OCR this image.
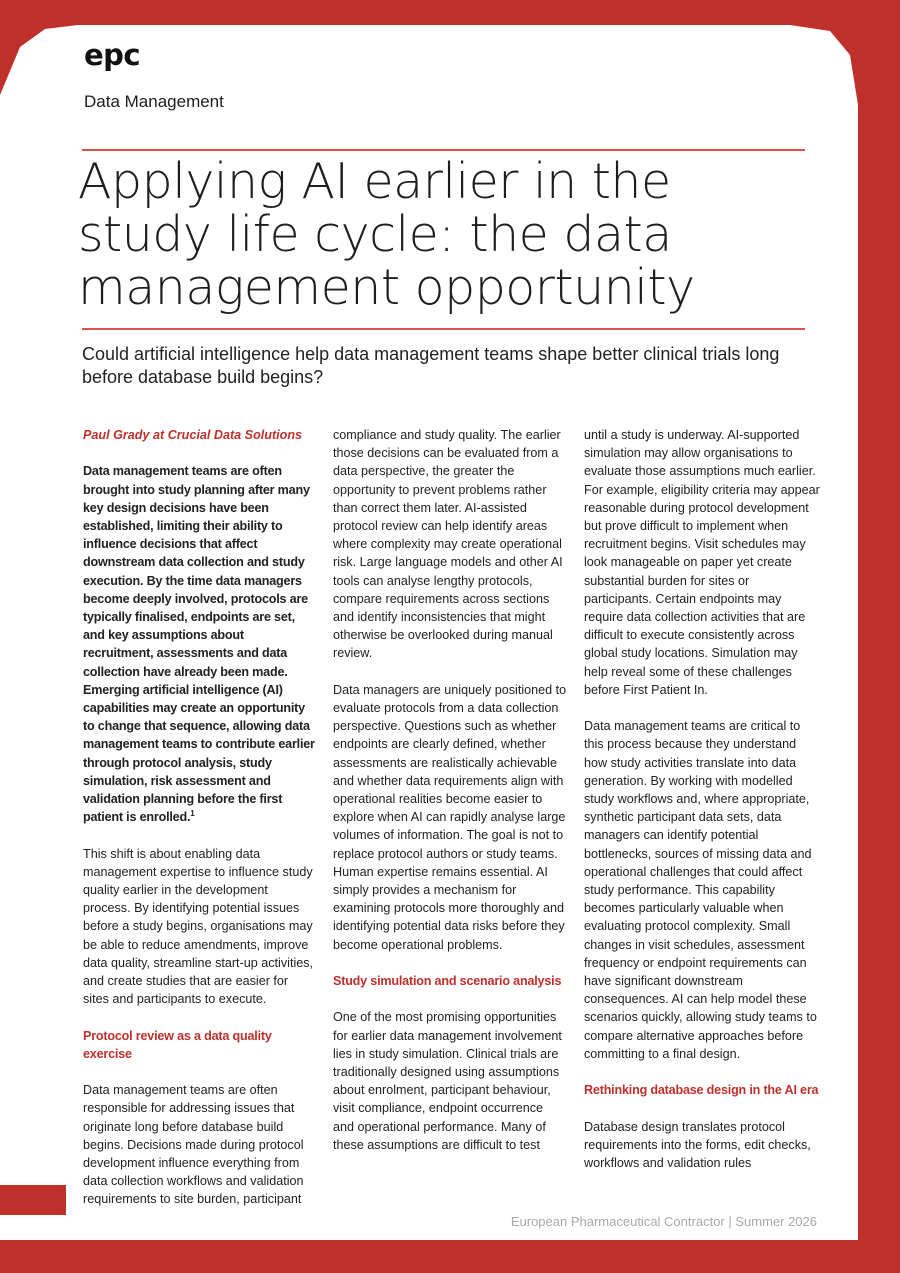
epc
Data Management
Applying AI earlier in the study life cycle: the data management opportunity

Could artificial intelligence help data management teams shape better clinical trials long before database build begins?

Paul Grady at Crucial Data Solutions

Data management teams are often brought into study planning after many key design decisions have been established, limiting their ability to influence decisions that affect downstream data collection and study execution. By the time data managers become deeply involved, protocols are typically finalised, endpoints are set, and key assumptions about recruitment, assessments and data collection have already been made. Emerging artificial intelligence (AI) capabilities may create an opportunity to change that sequence, allowing data management teams to contribute earlier through protocol analysis, study simulation, risk assessment and validation planning before the first patient is enrolled.$^1$

This shift is about enabling data management expertise to influence study quality earlier in the development process. By identifying potential issues before a study begins, organisations may be able to reduce amendments, improve data quality, streamline start-up activities, and create studies that are easier for sites and participants to execute.

Protocol review as a data quality exercise

Data management teams are often responsible for addressing issues that originate long before database build begins. Decisions made during protocol development influence everything from data collection workflows and validation requirements to site burden, participant

compliance and study quality. The earlier those decisions can be evaluated from a data perspective, the greater the opportunity to prevent problems rather than correct them later. AI-assisted protocol review can help identify areas where complexity may create operational risk. Large language models and other AI tools can analyse lengthy protocols, compare requirements across sections and identify inconsistencies that might otherwise be overlooked during manual review.

Data managers are uniquely positioned to evaluate protocols from a data collection perspective. Questions such as whether endpoints are clearly defined, whether assessments are realistically achievable and whether data requirements align with operational realities become easier to explore when AI can rapidly analyse large volumes of information. The goal is not to replace protocol authors or study teams. Human expertise remains essential. AI simply provides a mechanism for examining protocols more thoroughly and identifying potential data risks before they become operational problems.

Study simulation and scenario analysis

One of the most promising opportunities for earlier data management involvement lies in study simulation. Clinical trials are traditionally designed using assumptions about enrolment, participant behaviour, visit compliance, endpoint occurrence and operational performance. Many of these assumptions are difficult to test

until a study is underway. AI-supported simulation may allow organisations to evaluate those assumptions much earlier. For example, eligibility criteria may appear reasonable during protocol development but prove difficult to implement when recruitment begins. Visit schedules may look manageable on paper yet create substantial burden for sites or participants. Certain endpoints may require data collection activities that are difficult to execute consistently across global study locations. Simulation may help reveal some of these challenges before First Patient In.

Data management teams are critical to this process because they understand how study activities translate into data generation. By working with modelled study workflows and, where appropriate, synthetic participant data sets, data managers can identify potential bottlenecks, sources of missing data and operational challenges that could affect study performance. This capability becomes particularly valuable when evaluating protocol complexity. Small changes in visit schedules, assessment frequency or endpoint requirements can have significant downstream consequences. AI can help model these scenarios quickly, allowing study teams to compare alternative approaches before committing to a final design.

Rethinking database design in the AI era

Database design translates protocol requirements into the forms, edit checks, workflows and validation rules

86	European Pharmaceutical Contractor | Summer 2026
